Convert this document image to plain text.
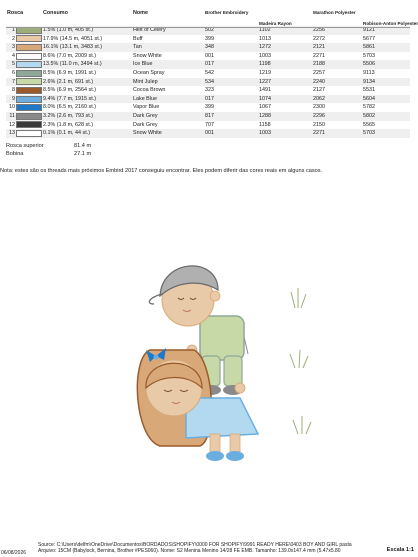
Rosca	Consumo	Nome	Brother Embroidery	Madeira Rayon	Marathon Polyester	Robison-Anton Polyester
1	1.5% (1.0 m, 405 st.)	Heit of Celery	502	1102	2256	9121
2	17.9% (14.5 m, 4051 st.)	Buff	399	1013	2272	5677
3	16.1% (13.1 m, 3483 st.)	Tan	348	1272	2121	5861
4	8.6% (7.0 m, 2009 st.)	Snow White	001	1003	2271	5703
5	13.5% (11.0 m, 3494 st.)	Ice Blue	017	1198	2188	5506
6	8.5% (6.9 m, 1991 st.)	Ocean Spray	542	1219	2257	9113
7	2.6% (2.1 m, 691 st.)	Mint Julep	534	1227	2240	9134
8	8.5% (6.9 m, 2564 st.)	Cocoa Brown	323	1491	2127	5531
9	9.4% (7.7 m, 1915 st.)	Lake Blue	017	1074	2062	5604
10	8.0% (6.5 m, 2160 st.)	Vapor Blue	399	1067	2300	5782
11	3.2% (2.6 m, 793 st.)	Dark Grey	817	1288	2296	5802
12	2.3% (1.8 m, 628 st.)	Dark Grey	707	1158	2150	5565
13	0.1% (0.1 m, 44 st.)	Snow White	001	1003	2271	5703
Rosca superior	81.4 m
Bobina	27.1 m
Nota: estes são os threads mais próximos Embird 2017 conseguiu encontrar. Eles podem diferir das cores reais em alguns casos.
Source: C:\Users\delfm\OneDrive\Documentos\BORDADOS\SHOPIFY\0000 FOR SHOPIFY\9991 READY HERE\0403 BOY AND GIRL pasta
Arquivo: 15CM (Babylock, Bernina, Brother #PES060). Nome: S2 Menina Menino 14/28 FE EMB. Tamanho: 139.0x147.4 mm (5.47x5.80
06/08/2026	Escala 1:1
